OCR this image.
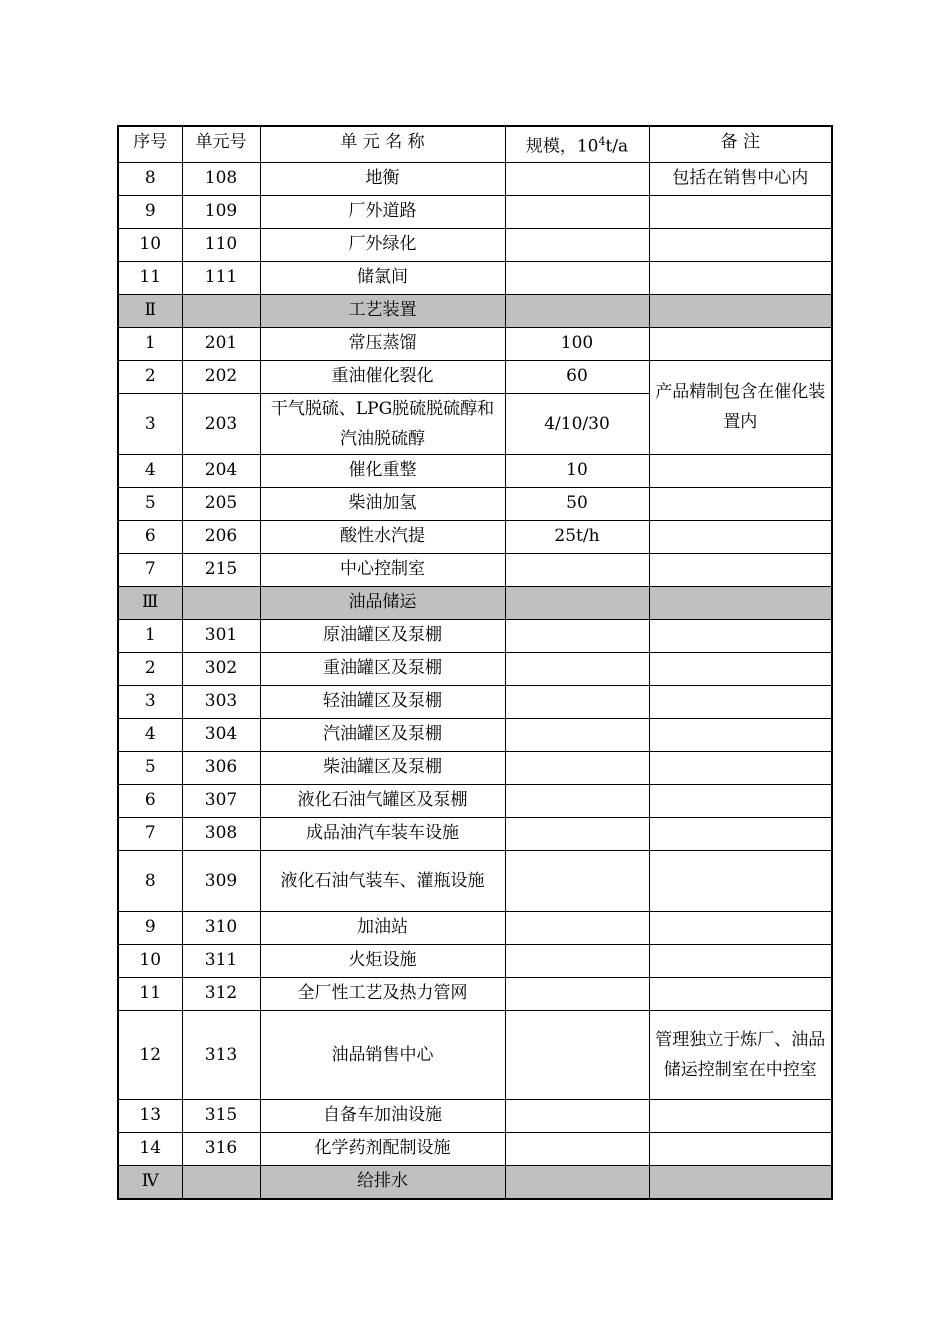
序号	单元号	单 元 名 称	规模，$10^4t/a$	备 注
8	108	地衡		包括在销售中心内
9	109	厂外道路		
10	110	厂外绿化		
11	111	储氯间		
Ⅱ		工艺装置		
1	201	常压蒸馏	100	
2	202	重油催化裂化	60	产品精制包含在催化装置内
3	203	干气脱硫、LPG脱硫脱硫醇和汽油脱硫醇	4/10/30	
4	204	催化重整	10	
5	205	柴油加氢	50	
6	206	酸性水汽提	25t/h	
7	215	中心控制室		
Ⅲ		油品储运		
1	301	原油罐区及泵棚		
2	302	重油罐区及泵棚		
3	303	轻油罐区及泵棚		
4	304	汽油罐区及泵棚		
5	306	柴油罐区及泵棚		
6	307	液化石油气罐区及泵棚		
7	308	成品油汽车装车设施		
8	309	液化石油气装车、灌瓶设施		
9	310	加油站		
10	311	火炬设施		
11	312	全厂性工艺及热力管网		
12	313	油品销售中心		管理独立于炼厂、油品储运控制室在中控室
13	315	自备车加油设施		
14	316	化学药剂配制设施		
Ⅳ		给排水		
